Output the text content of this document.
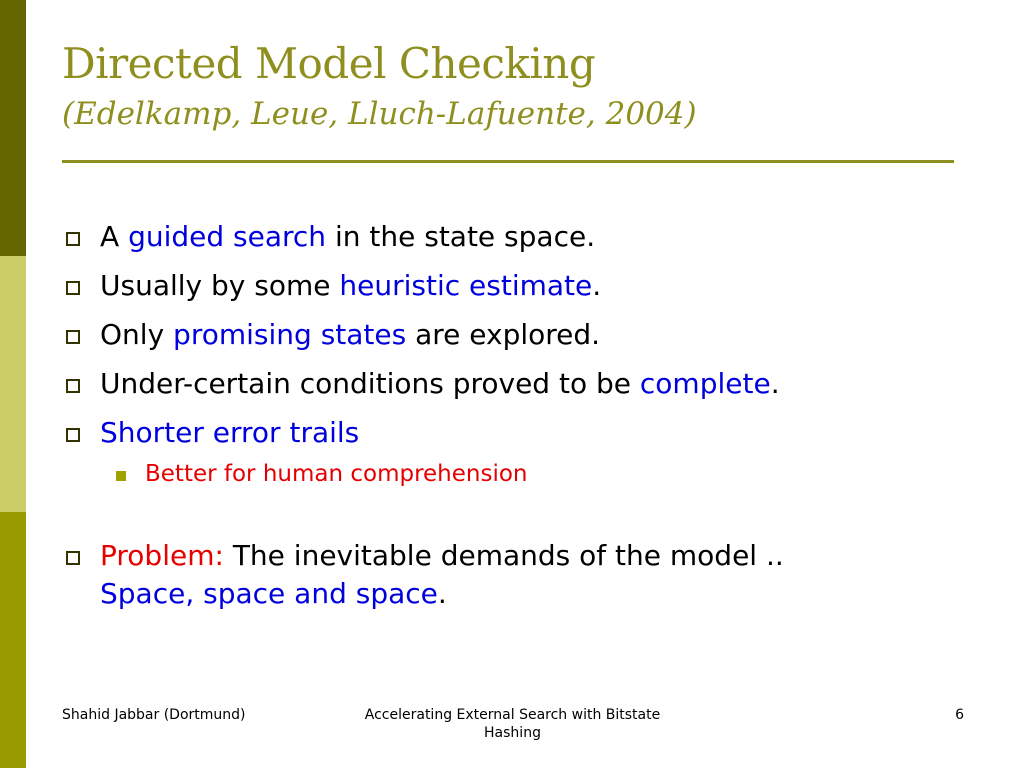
Directed Model Checking
(Edelkamp, Leue, Lluch-Lafuente, 2004)
A guided search in the state space.
Usually by some heuristic estimate.
Only promising states are explored.
Under-certain conditions proved to be complete.
Shorter error trails
Better for human comprehension
Problem: The inevitable demands of the model ..
Space, space and space.
Shahid Jabbar (Dortmund)	Accelerating External Search with Bitstate Hashing
6
